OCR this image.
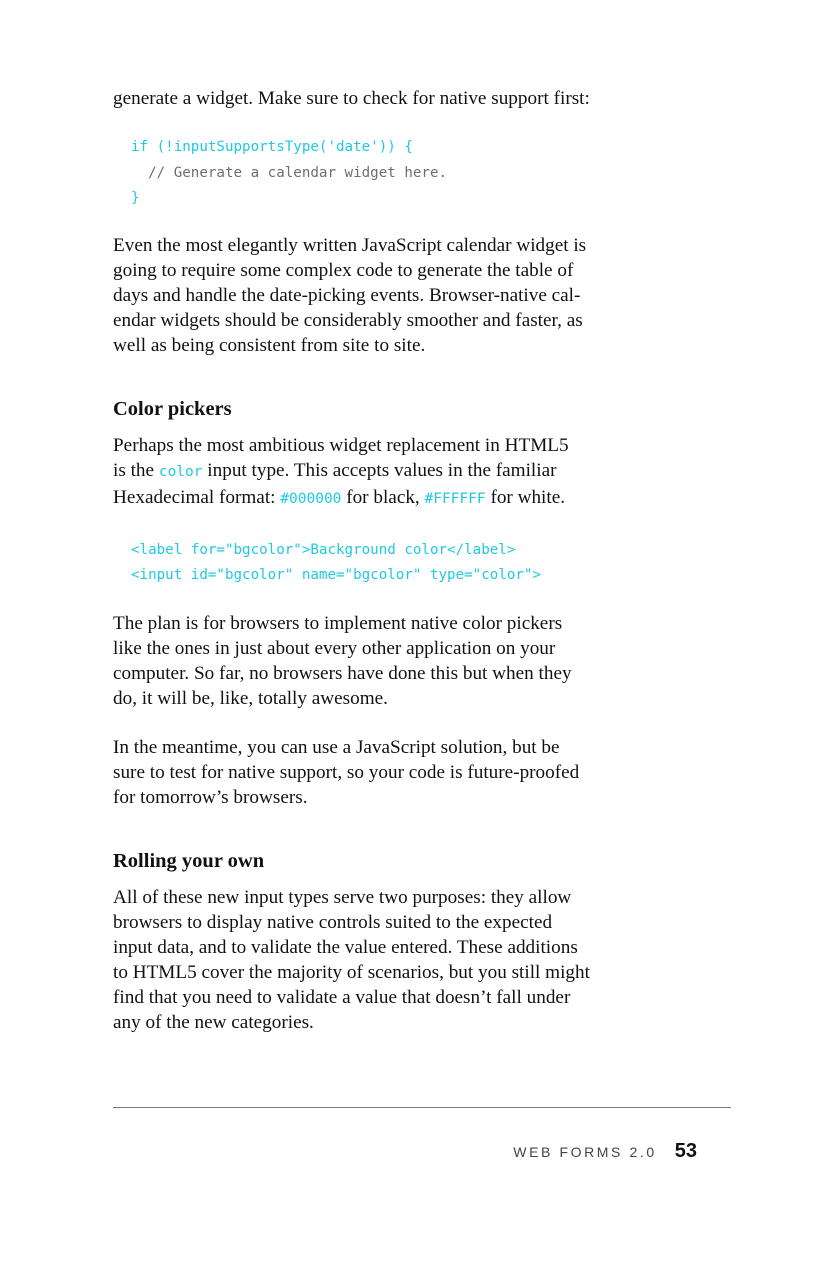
generate a widget. Make sure to check for native support first:

if (!inputSupportsType('date')) {
// Generate a calendar widget here.
}

Even the most elegantly written JavaScript calendar widget is
going to require some complex code to generate the table of
days and handle the date-picking events. Browser-native cal-
endar widgets should be considerably smoother and faster, as
well as being consistent from site to site.

Color pickers

Perhaps the most ambitious widget replacement in HTML5
is the color input type. This accepts values in the familiar
Hexadecimal format: #000000 for black, #FFFFFF for white.

<label for="bgcolor">Background color</label>
<input id="bgcolor" name="bgcolor" type="color">

The plan is for browsers to implement native color pickers
like the ones in just about every other application on your
computer. So far, no browsers have done this but when they
do, it will be, like, totally awesome.

In the meantime, you can use a JavaScript solution, but be
sure to test for native support, so your code is future-proofed
for tomorrow’s browsers.

Rolling your own

All of these new input types serve two purposes: they allow
browsers to display native controls suited to the expected
input data, and to validate the value entered. These additions
to HTML5 cover the majority of scenarios, but you still might
find that you need to validate a value that doesn’t fall under
any of the new categories.

WEB FORMS 2.0 53
